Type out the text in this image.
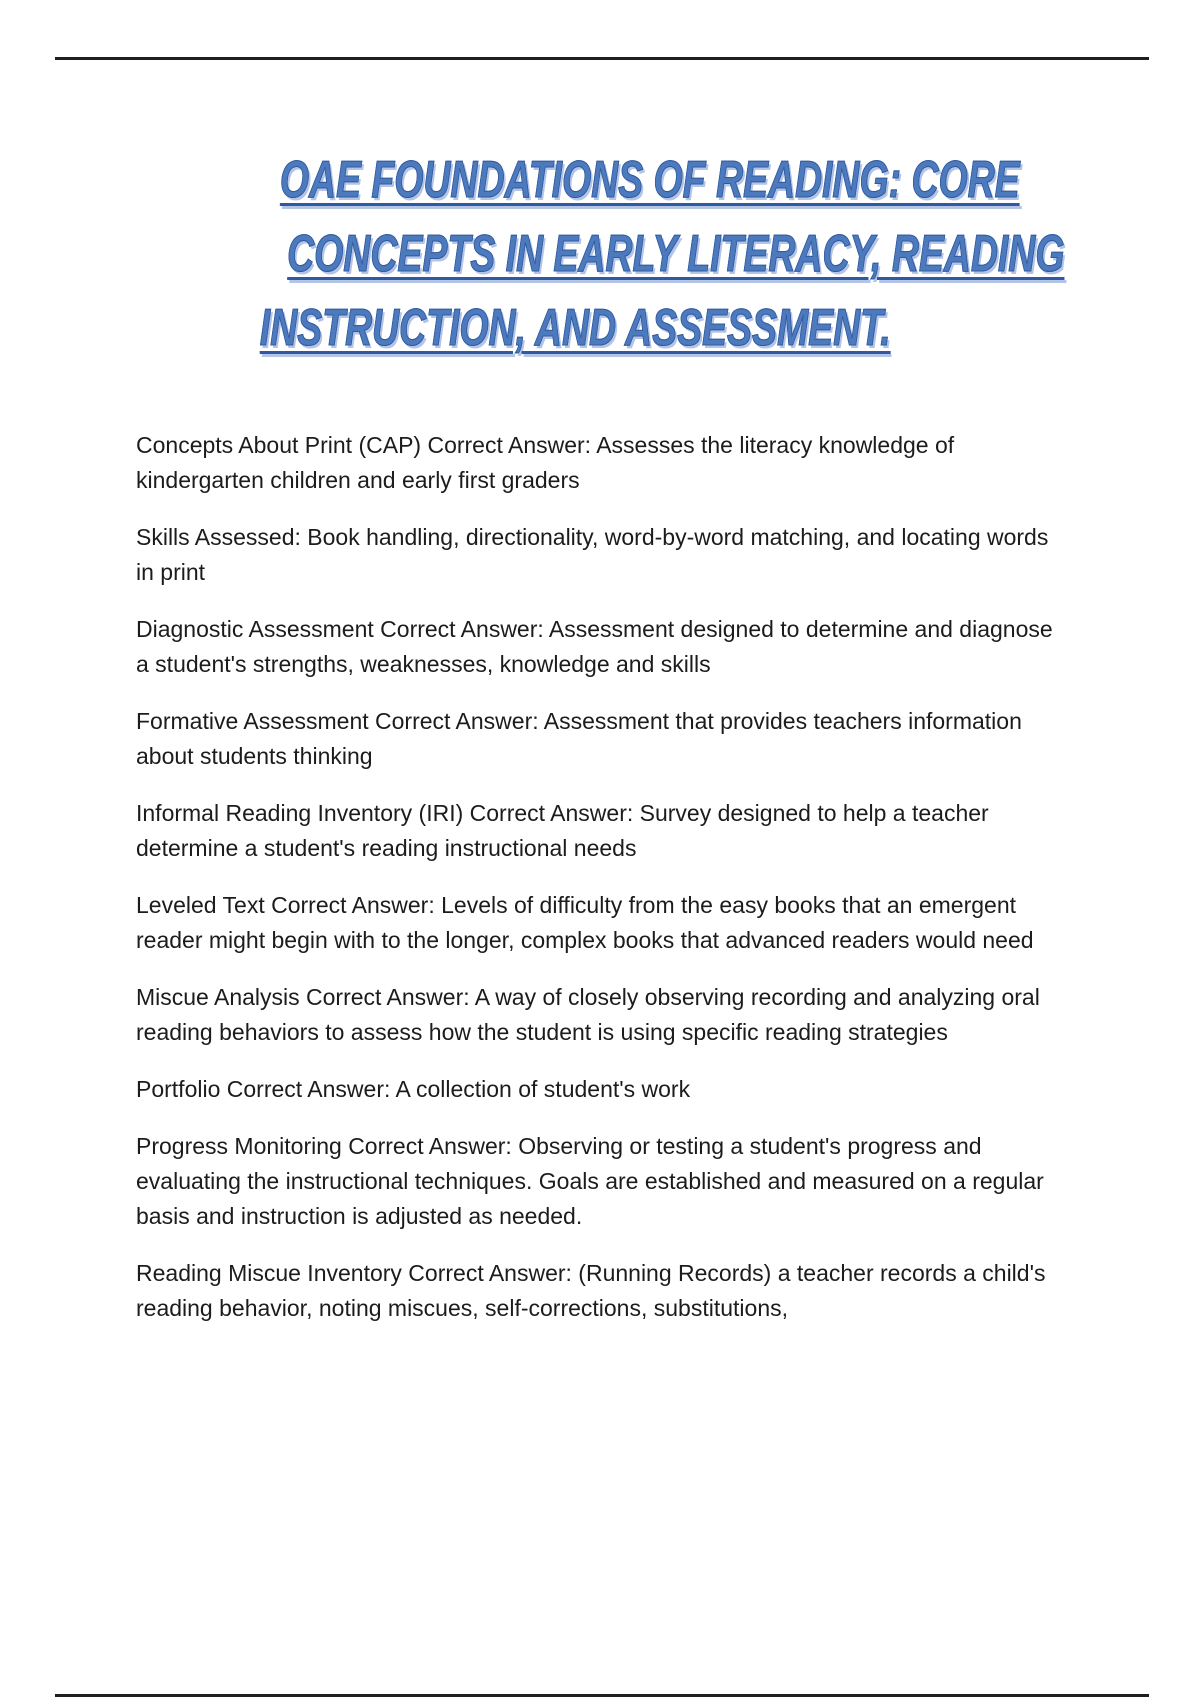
OAE FOUNDATIONS OF READING: CORE
CONCEPTS IN EARLY LITERACY, READING
INSTRUCTION, AND ASSESSMENT.

Concepts About Print (CAP) Correct Answer: Assesses the literacy knowledge of kindergarten children and early first graders

Skills Assessed: Book handling, directionality, word-by-word matching, and locating words in print

Diagnostic Assessment Correct Answer: Assessment designed to determine and diagnose a student's strengths, weaknesses, knowledge and skills

Formative Assessment Correct Answer: Assessment that provides teachers information about students thinking

Informal Reading Inventory (IRI) Correct Answer: Survey designed to help a teacher determine a student's reading instructional needs

Leveled Text Correct Answer: Levels of difficulty from the easy books that an emergent reader might begin with to the longer, complex books that advanced readers would need

Miscue Analysis Correct Answer: A way of closely observing recording and analyzing oral reading behaviors to assess how the student is using specific reading strategies

Portfolio Correct Answer: A collection of student's work

Progress Monitoring Correct Answer: Observing or testing a student's progress and evaluating the instructional techniques. Goals are established and measured on a regular basis and instruction is adjusted as needed.

Reading Miscue Inventory Correct Answer: (Running Records) a teacher records a child's reading behavior, noting miscues, self-corrections, substitutions,
